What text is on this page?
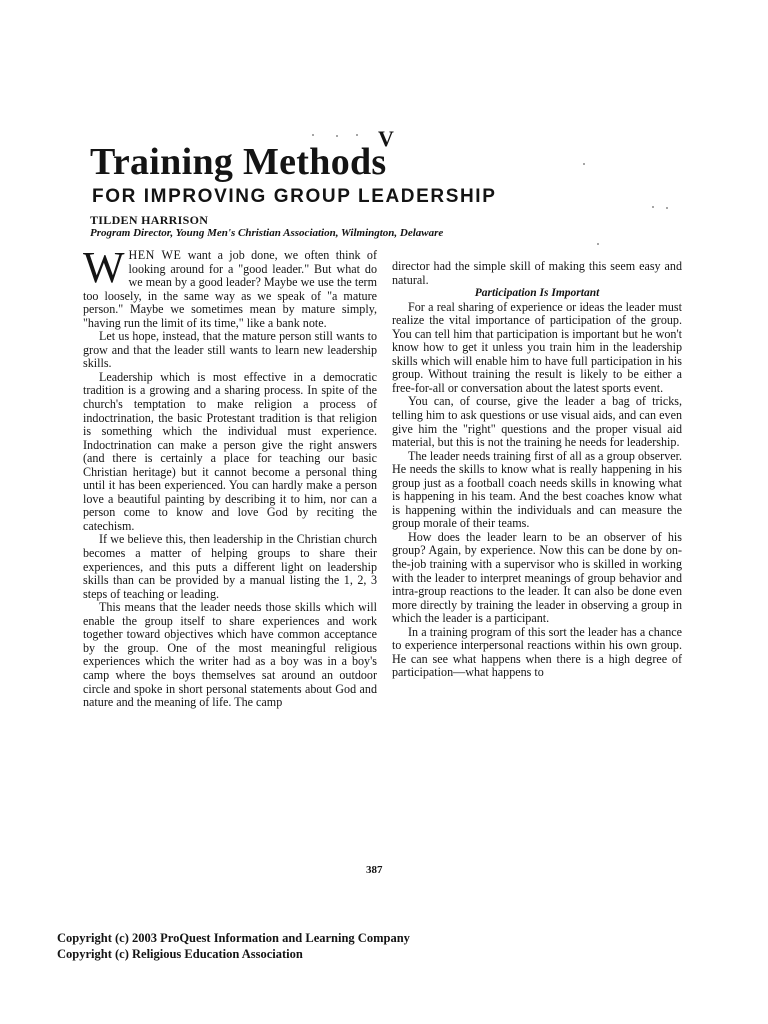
V
Training Methods
FOR IMPROVING GROUP LEADERSHIP
TILDEN HARRISON
Program Director, Young Men's Christian Association, Wilmington, Delaware

WHEN WE want a job done, we often think of looking around for a "good leader." But what do we mean by a good leader? Maybe we use the term too loosely, in the same way as we speak of "a mature person." Maybe we sometimes mean by mature simply, "having run the limit of its time," like a bank note.

Let us hope, instead, that the mature person still wants to grow and that the leader still wants to learn new leadership skills.

Leadership which is most effective in a democratic tradition is a growing and a sharing process. In spite of the church's temptation to make religion a process of indoctrination, the basic Protestant tradition is that religion is something which the individual must experience. Indoctrination can make a person give the right answers (and there is certainly a place for teaching our basic Christian heritage) but it cannot become a personal thing until it has been experienced. You can hardly make a person love a beautiful painting by describing it to him, nor can a person come to know and love God by reciting the catechism.

If we believe this, then leadership in the Christian church becomes a matter of helping groups to share their experiences, and this puts a different light on leadership skills than can be provided by a manual listing the 1, 2, 3 steps of teaching or leading.

This means that the leader needs those skills which will enable the group itself to share experiences and work together toward objectives which have common acceptance by the group. One of the most meaningful religious experiences which the writer had as a boy was in a boy's camp where the boys themselves sat around an outdoor circle and spoke in short personal statements about God and nature and the meaning of life. The camp

director had the simple skill of making this seem easy and natural.

Participation Is Important

For a real sharing of experience or ideas the leader must realize the vital importance of participation of the group. You can tell him that participation is important but he won't know how to get it unless you train him in the leadership skills which will enable him to have full participation in his group. Without training the result is likely to be either a free-for-all or conversation about the latest sports event.

You can, of course, give the leader a bag of tricks, telling him to ask questions or use visual aids, and can even give him the "right" questions and the proper visual aid material, but this is not the training he needs for leadership.

The leader needs training first of all as a group observer. He needs the skills to know what is really happening in his group just as a football coach needs skills in knowing what is happening in his team. And the best coaches know what is happening within the individuals and can measure the group morale of their teams.

How does the leader learn to be an observer of his group? Again, by experience. Now this can be done by on-the-job training with a supervisor who is skilled in working with the leader to interpret meanings of group behavior and intra-group reactions to the leader. It can also be done even more directly by training the leader in observing a group in which the leader is a participant.

In a training program of this sort the leader has a chance to experience interpersonal reactions within his own group. He can see what happens when there is a high degree of participation—what happens to

387
Copyright (c) 2003 ProQuest Information and Learning Company
Copyright (c) Religious Education Association
